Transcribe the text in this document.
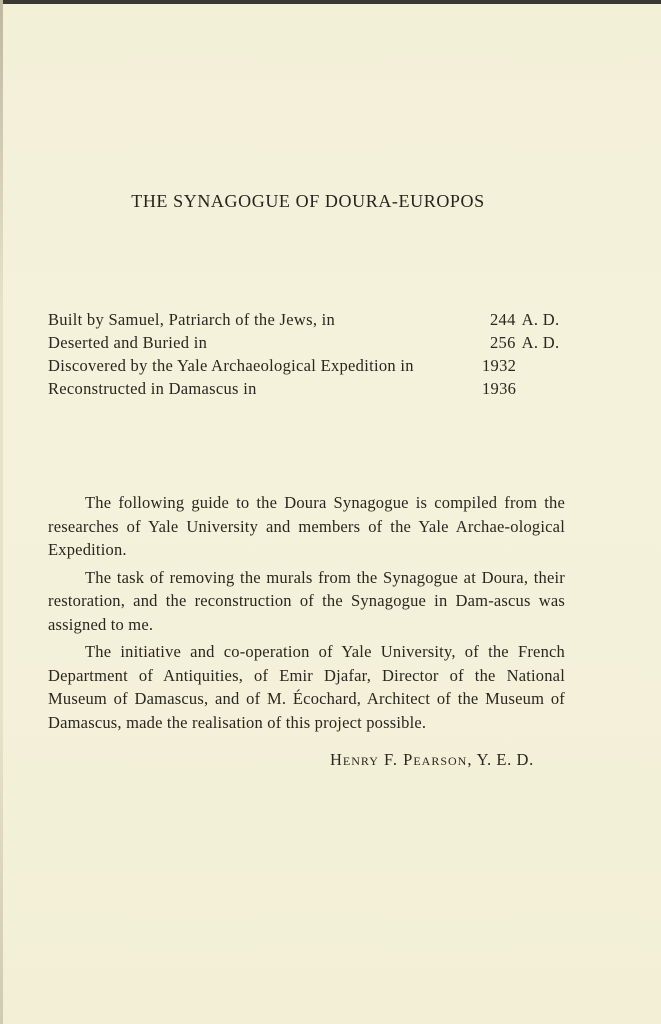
THE SYNAGOGUE OF DOURA-EUROPOS
Built by Samuel, Patriarch of the Jews, in	244 A. D.
Deserted and Buried in	256 A. D.
Discovered by the Yale Archaeological Expedition in	1932
Reconstructed in Damascus in	1936

The following guide to the Doura Synagogue is compiled from the researches of Yale University and members of the Yale Archae-ological Expedition.

The task of removing the murals from the Synagogue at Doura, their restoration, and the reconstruction of the Synagogue in Dam-ascus was assigned to me.

The initiative and co-operation of Yale University, of the French Department of Antiquities, of Emir Djafar, Director of the National Museum of Damascus, and of M. Écochard, Architect of the Museum of Damascus, made the realisation of this project possible.

Henry F. Pearson, Y. E. D.
